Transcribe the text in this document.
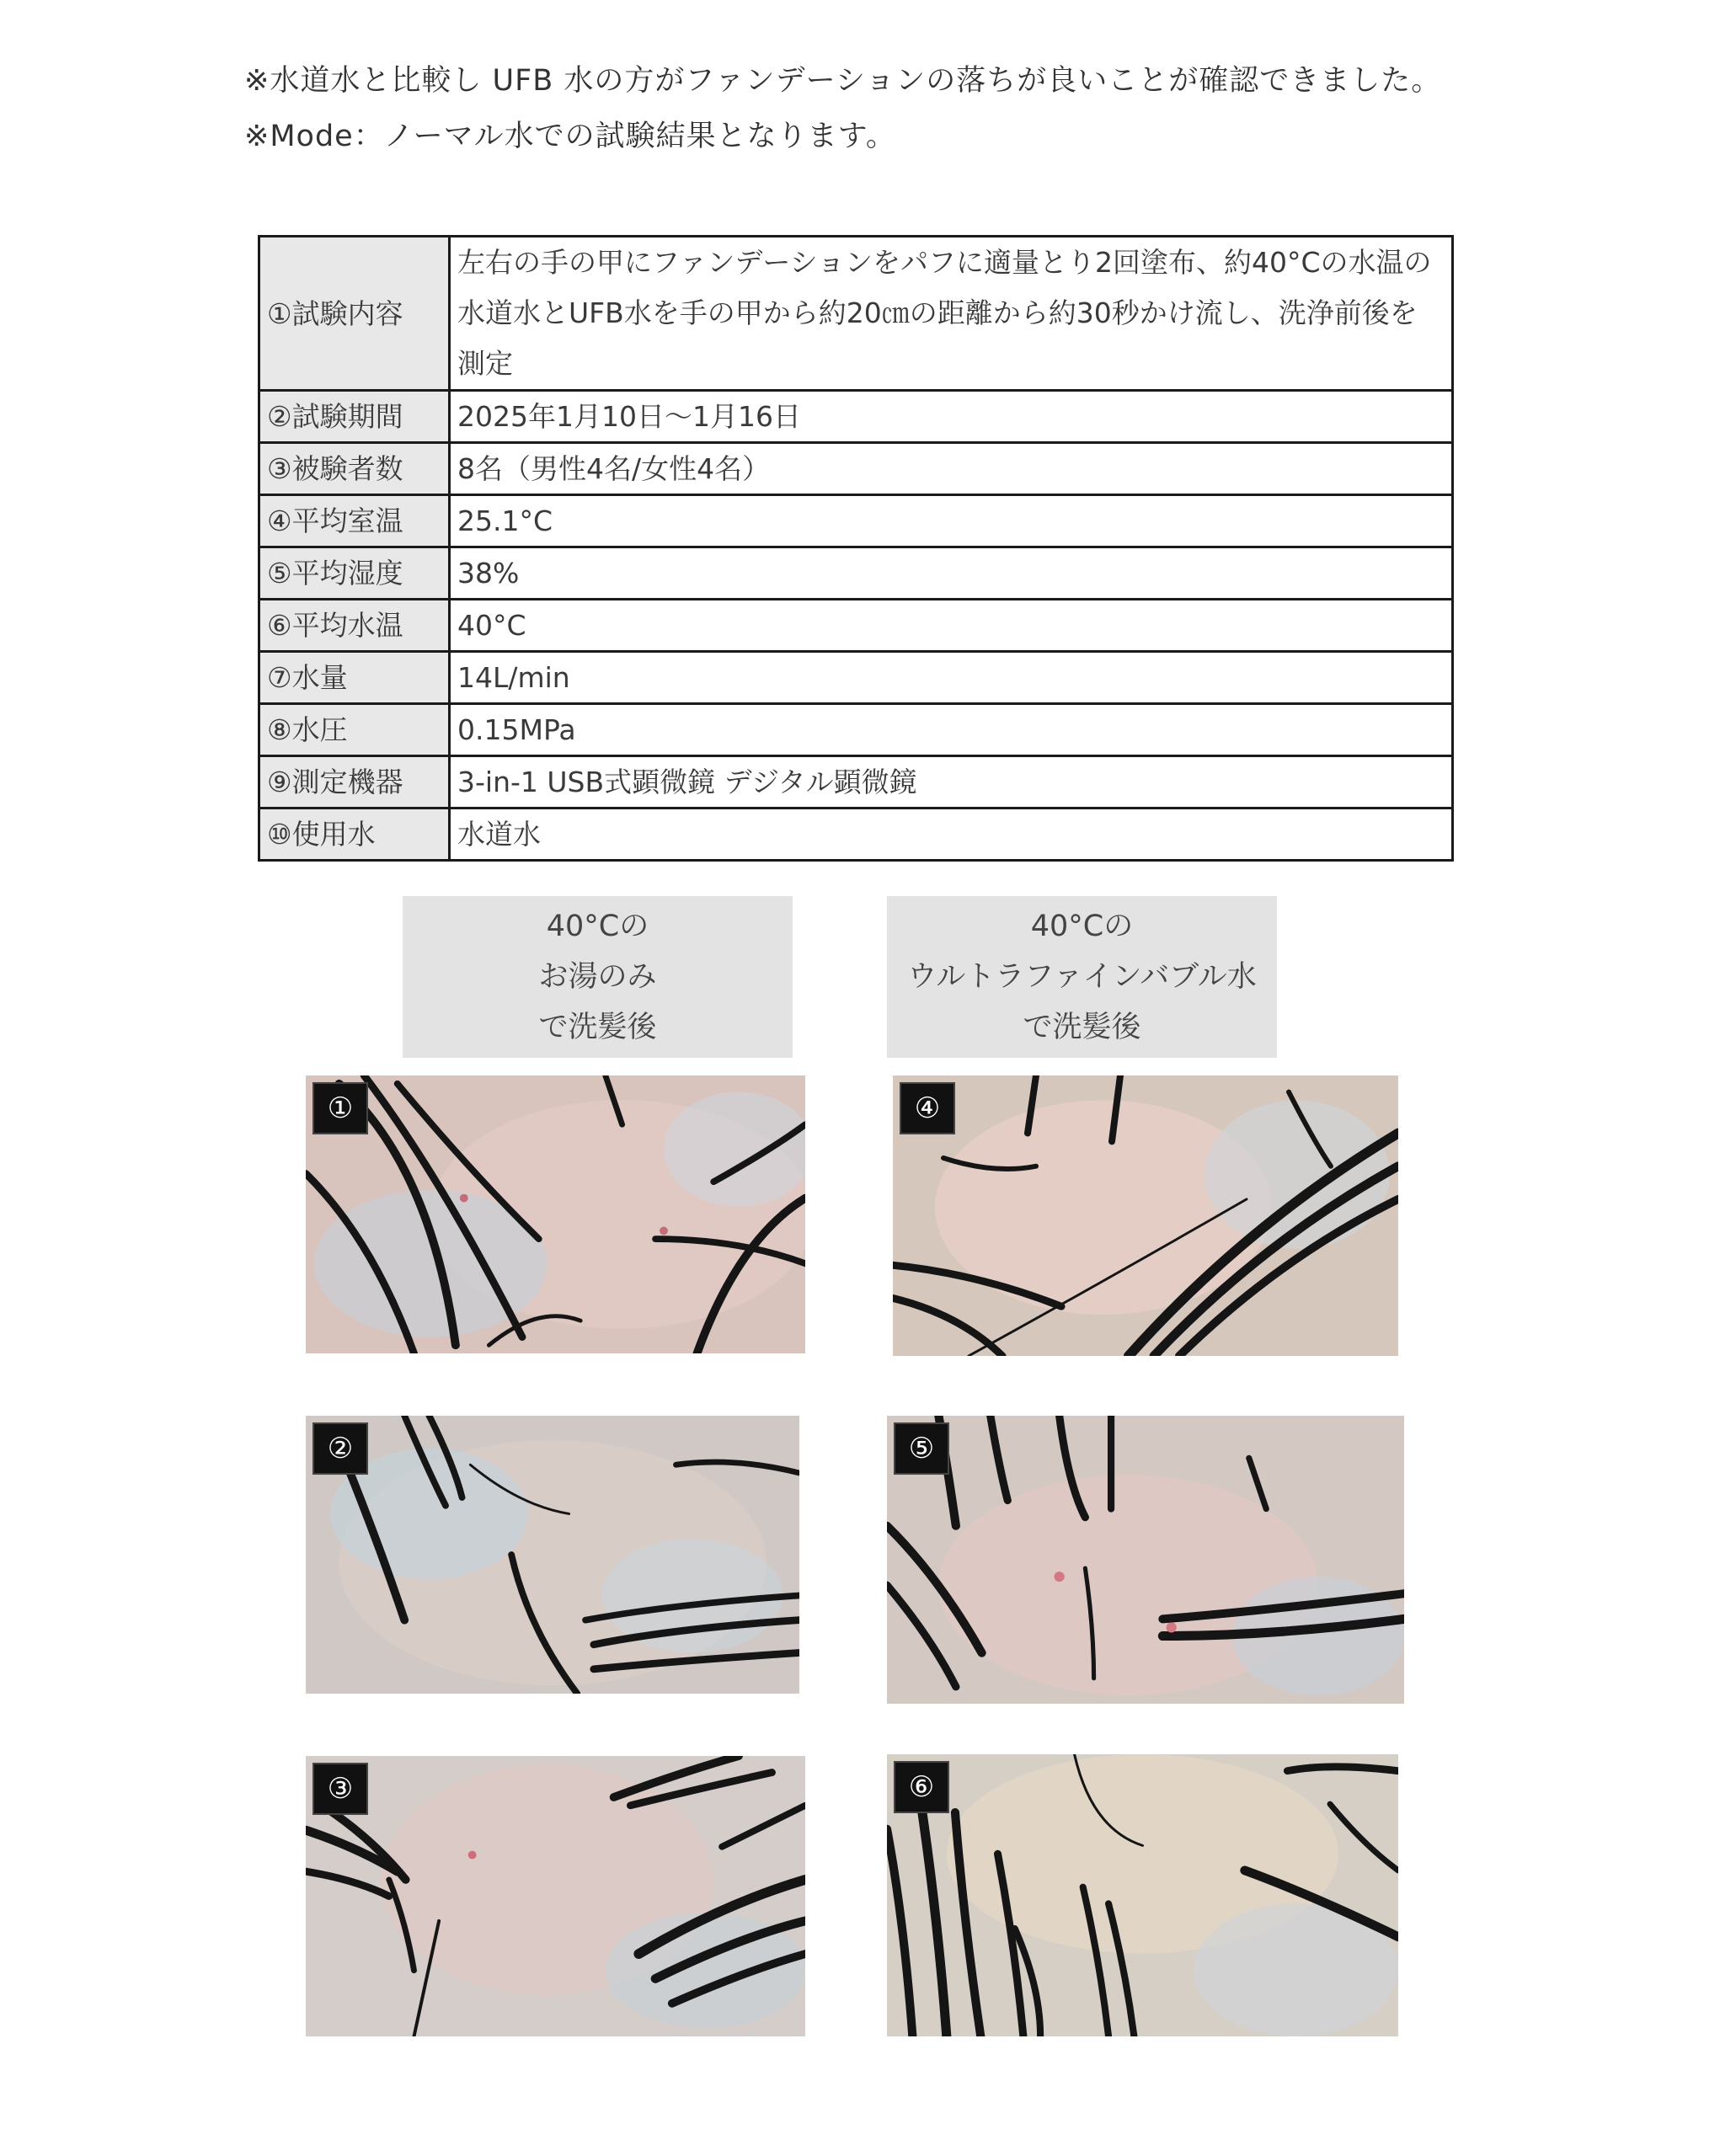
※水道水と比較し UFB 水の方がファンデーションの落ちが良いことが確認できました。
※Mode：ノーマル水での試験結果となります。
①試験内容	左右の手の甲にファンデーションをパフに適量とり2回塗布、約40°Cの水温の
水道水とUFB水を手の甲から約20㎝の距離から約30秒かけ流し、洗浄前後を
測定

②試験期間	2025年1月10日～1月16日
③被験者数	8名（男性4名/女性4名）
④平均室温	25.1°C
⑤平均湿度	38%
⑥平均水温	40°C
⑦水量	14L/min
⑧水圧	0.15MPa
⑨測定機器	3-in-1 USB式顕微鏡 デジタル顕微鏡
⑩使用水	水道水
40°Cの
お湯のみ
で洗髪後
40°Cの
ウルトラファインバブル水
で洗髪後
①	④
②	⑤
③	⑥
